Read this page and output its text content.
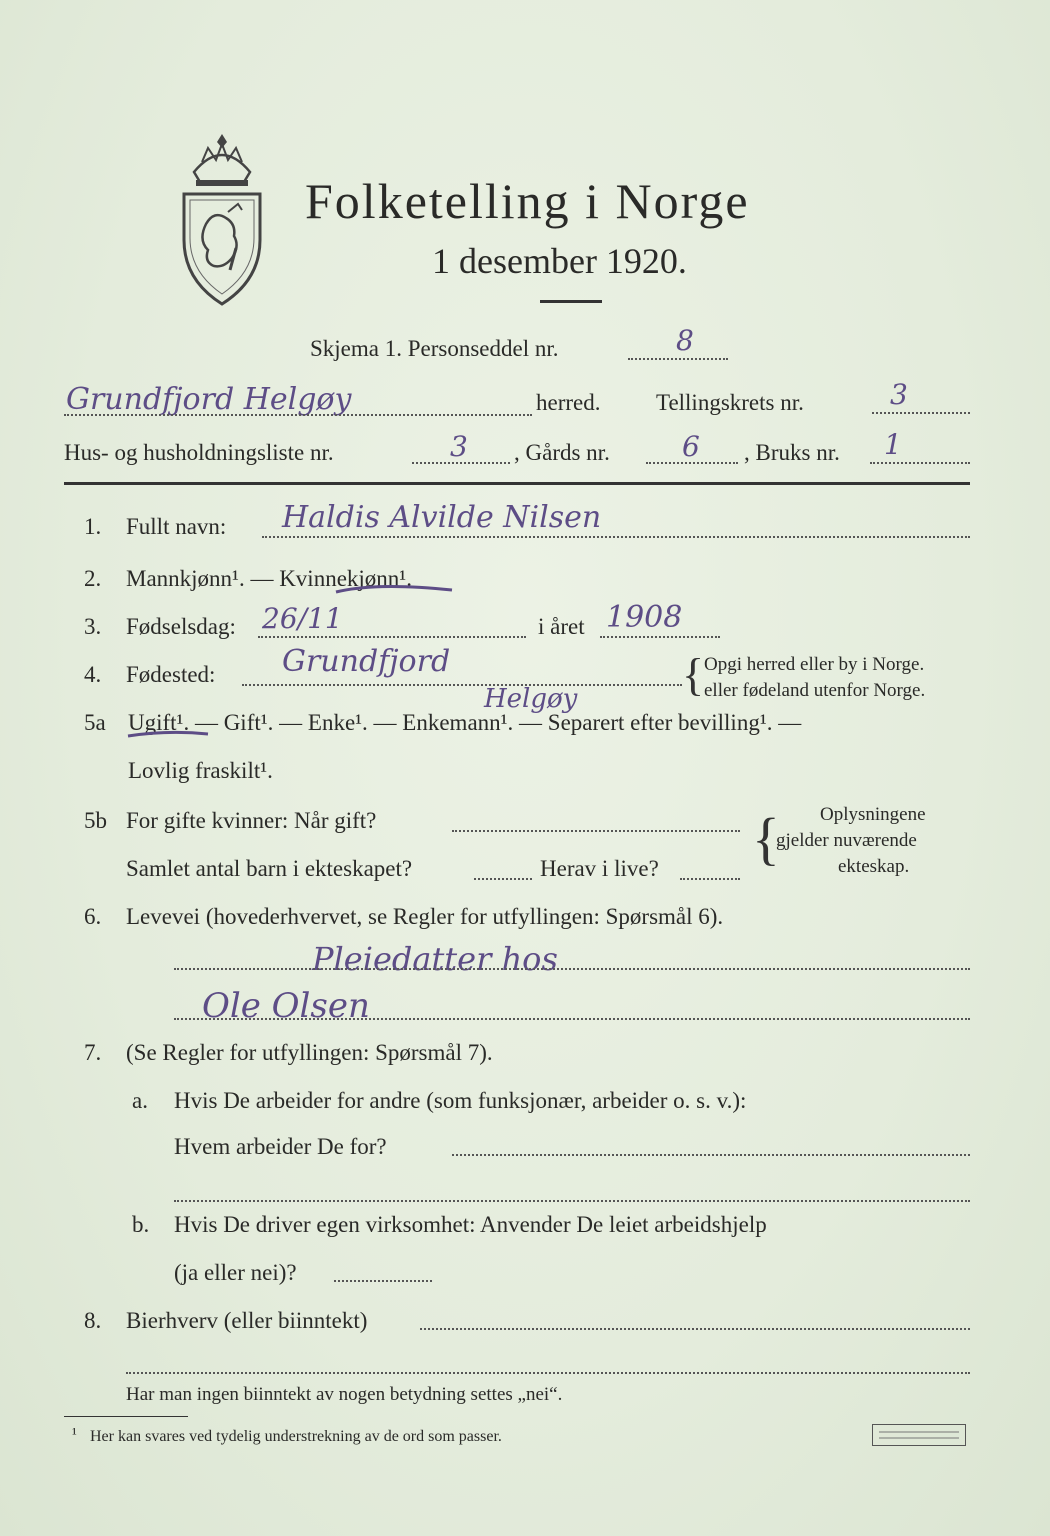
Folketelling i Norge
1 desember 1920.
Skjema 1. Personseddel nr.	8
Grundfjord Helgøy	herred. Tellingskrets nr.	3
Hus- og husholdningsliste nr.	3 , Gårds nr.	6 , Bruks nr. 1
1. Fullt navn: Haldis Alvilde Nilsen
2. Mannkjønn¹. — Kvinnekjønn¹.
3. Fødselsdag: 26/11	i året 1908
4. Fødested: Grundfjord
Helgøy { Opgi herred eller by i Norge.
eller fødeland utenfor Norge.
5a Ugift¹. — Gift¹. — Enke¹. — Enkemann¹. — Separert efter bevilling¹. —
Lovlig fraskilt¹.
5b For gifte kvinner: Når gift?
Samlet antal barn i ekteskapet?	Herav i live? { Oplysningene
gjelder nuværende
ekteskap.
6. Levevei (hovederhvervet, se Regler for utfyllingen: Spørsmål 6).
Pleiedatter hos
Ole Olsen
7. (Se Regler for utfyllingen: Spørsmål 7).
a. Hvis De arbeider for andre (som funksjonær, arbeider o. s. v.):
Hvem arbeider De for?
b. Hvis De driver egen virksomhet: Anvender De leiet arbeidshjelp
(ja eller nei)?
8. Bierhverv (eller biinntekt)
Har man ingen biinntekt av nogen betydning settes „nei“.
¹ Her kan svares ved tydelig understrekning av de ord som passer.
